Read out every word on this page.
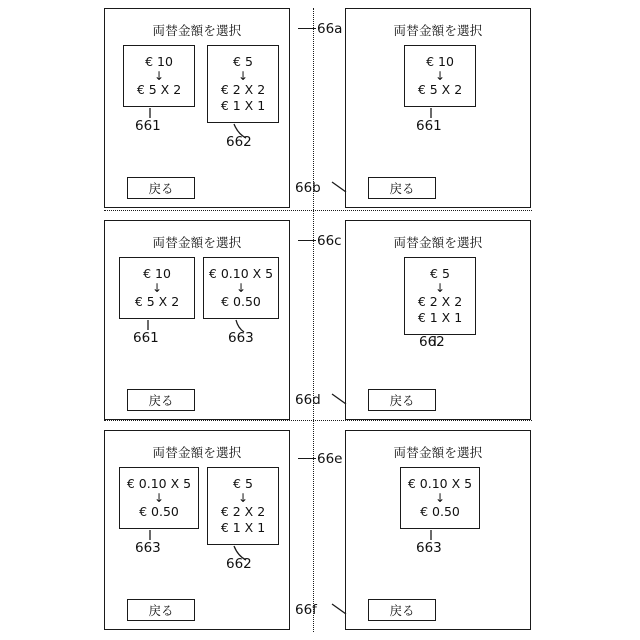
両替金額を選択
€ 10
↓
€ 5 X 2
€ 5
↓
€ 2 X 2
€ 1 X 1
戻る
661
662
66a	両替金額を選択
€ 10
↓
€ 5 X 2
戻る
661
66b
両替金額を選択
€ 10
↓
€ 5 X 2
€ 0.10 X 5
↓
€ 0.50
戻る
661	663
66c	両替金額を選択
€ 5
↓
€ 2 X 2
€ 1 X 1
戻る
662
66d
両替金額を選択
€ 0.10 X 5
↓
€ 0.50
€ 5
↓
€ 2 X 2
€ 1 X 1
戻る
663
662
66e	両替金額を選択
€ 0.10 X 5
↓
€ 0.50
戻る
663
66f
